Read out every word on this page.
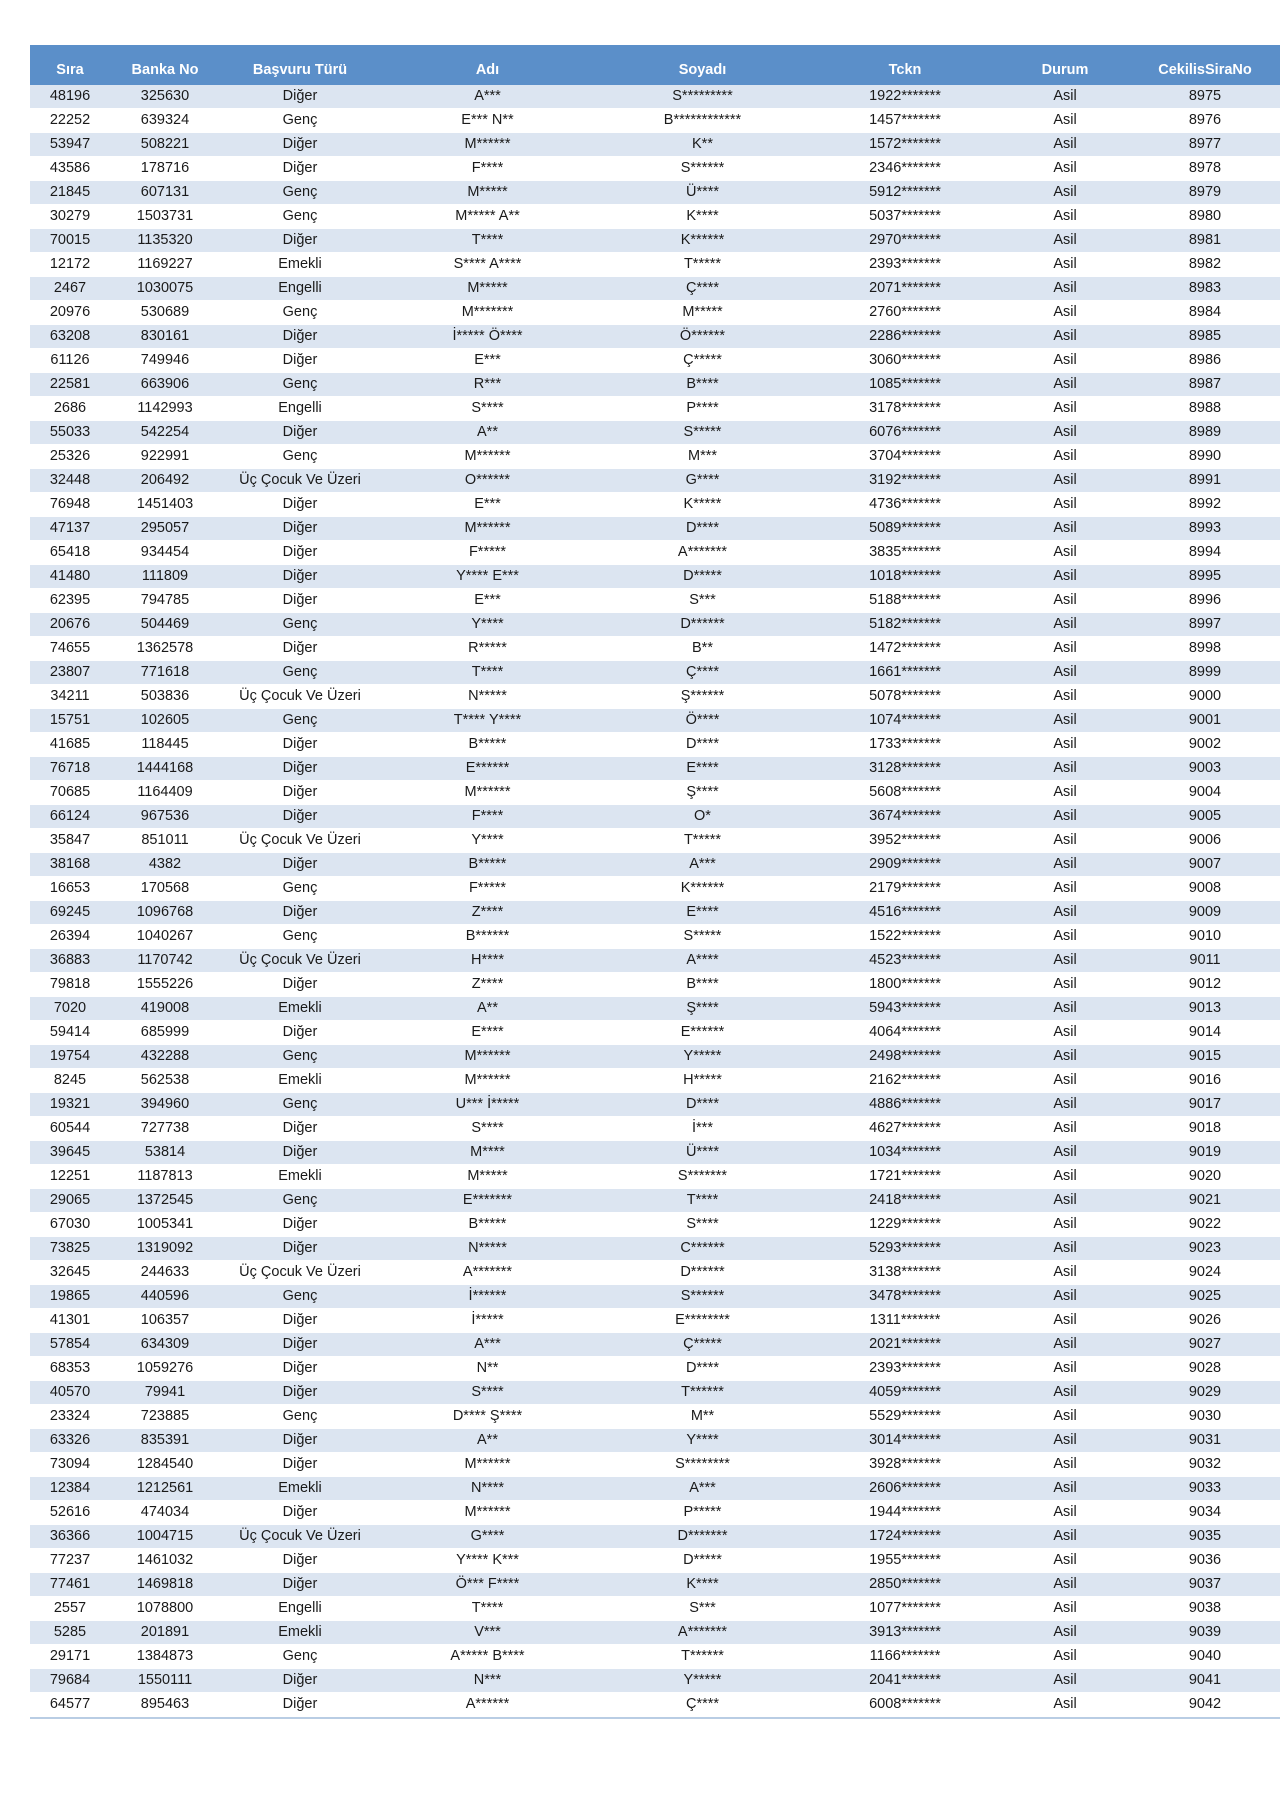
Sıra	Banka No	Başvuru Türü	Adı	Soyadı	Tckn	Durum	CekilisSiraNo
48196	325630	Diğer	A***	S*********	1922*******	Asil	8975
22252	639324	Genç	E*** N**	B************	1457*******	Asil	8976
53947	508221	Diğer	M******	K**	1572*******	Asil	8977
43586	178716	Diğer	F****	S******	2346*******	Asil	8978
21845	607131	Genç	M*****	Ü****	5912*******	Asil	8979
30279	1503731	Genç	M***** A**	K****	5037*******	Asil	8980
70015	1135320	Diğer	T****	K******	2970*******	Asil	8981
12172	1169227	Emekli	S**** A****	T*****	2393*******	Asil	8982
2467	1030075	Engelli	M*****	Ç****	2071*******	Asil	8983
20976	530689	Genç	M*******	M*****	2760*******	Asil	8984
63208	830161	Diğer	İ***** Ö****	Ö******	2286*******	Asil	8985
61126	749946	Diğer	E***	Ç*****	3060*******	Asil	8986
22581	663906	Genç	R***	B****	1085*******	Asil	8987
2686	1142993	Engelli	S****	P****	3178*******	Asil	8988
55033	542254	Diğer	A**	S*****	6076*******	Asil	8989
25326	922991	Genç	M******	M***	3704*******	Asil	8990
32448	206492	Üç Çocuk Ve Üzeri	O******	G****	3192*******	Asil	8991
76948	1451403	Diğer	E***	K*****	4736*******	Asil	8992
47137	295057	Diğer	M******	D****	5089*******	Asil	8993
65418	934454	Diğer	F*****	A*******	3835*******	Asil	8994
41480	111809	Diğer	Y**** E***	D*****	1018*******	Asil	8995
62395	794785	Diğer	E***	S***	5188*******	Asil	8996
20676	504469	Genç	Y****	D******	5182*******	Asil	8997
74655	1362578	Diğer	R*****	B**	1472*******	Asil	8998
23807	771618	Genç	T****	Ç****	1661*******	Asil	8999
34211	503836	Üç Çocuk Ve Üzeri	N*****	Ş******	5078*******	Asil	9000
15751	102605	Genç	T**** Y****	Ö****	1074*******	Asil	9001
41685	118445	Diğer	B*****	D****	1733*******	Asil	9002
76718	1444168	Diğer	E******	E****	3128*******	Asil	9003
70685	1164409	Diğer	M******	Ş****	5608*******	Asil	9004
66124	967536	Diğer	F****	O*	3674*******	Asil	9005
35847	851011	Üç Çocuk Ve Üzeri	Y****	T*****	3952*******	Asil	9006
38168	4382	Diğer	B*****	A***	2909*******	Asil	9007
16653	170568	Genç	F*****	K******	2179*******	Asil	9008
69245	1096768	Diğer	Z****	E****	4516*******	Asil	9009
26394	1040267	Genç	B******	S*****	1522*******	Asil	9010
36883	1170742	Üç Çocuk Ve Üzeri	H****	A****	4523*******	Asil	9011
79818	1555226	Diğer	Z****	B****	1800*******	Asil	9012
7020	419008	Emekli	A**	Ş****	5943*******	Asil	9013
59414	685999	Diğer	E****	E******	4064*******	Asil	9014
19754	432288	Genç	M******	Y*****	2498*******	Asil	9015
8245	562538	Emekli	M******	H*****	2162*******	Asil	9016
19321	394960	Genç	U*** İ*****	D****	4886*******	Asil	9017
60544	727738	Diğer	S****	İ***	4627*******	Asil	9018
39645	53814	Diğer	M****	Ü****	1034*******	Asil	9019
12251	1187813	Emekli	M*****	S*******	1721*******	Asil	9020
29065	1372545	Genç	E*******	T****	2418*******	Asil	9021
67030	1005341	Diğer	B*****	S****	1229*******	Asil	9022
73825	1319092	Diğer	N*****	C******	5293*******	Asil	9023
32645	244633	Üç Çocuk Ve Üzeri	A*******	D******	3138*******	Asil	9024
19865	440596	Genç	İ******	S******	3478*******	Asil	9025
41301	106357	Diğer	İ*****	E********	1311*******	Asil	9026
57854	634309	Diğer	A***	Ç*****	2021*******	Asil	9027
68353	1059276	Diğer	N**	D****	2393*******	Asil	9028
40570	79941	Diğer	S****	T******	4059*******	Asil	9029
23324	723885	Genç	D**** Ş****	M**	5529*******	Asil	9030
63326	835391	Diğer	A**	Y****	3014*******	Asil	9031
73094	1284540	Diğer	M******	S********	3928*******	Asil	9032
12384	1212561	Emekli	N****	A***	2606*******	Asil	9033
52616	474034	Diğer	M******	P*****	1944*******	Asil	9034
36366	1004715	Üç Çocuk Ve Üzeri	G****	D*******	1724*******	Asil	9035
77237	1461032	Diğer	Y**** K***	D*****	1955*******	Asil	9036
77461	1469818	Diğer	Ö*** F****	K****	2850*******	Asil	9037
2557	1078800	Engelli	T****	S***	1077*******	Asil	9038
5285	201891	Emekli	V***	A*******	3913*******	Asil	9039
29171	1384873	Genç	A***** B****	T******	1166*******	Asil	9040
79684	1550111	Diğer	N***	Y*****	2041*******	Asil	9041
64577	895463	Diğer	A******	Ç****	6008*******	Asil	9042
